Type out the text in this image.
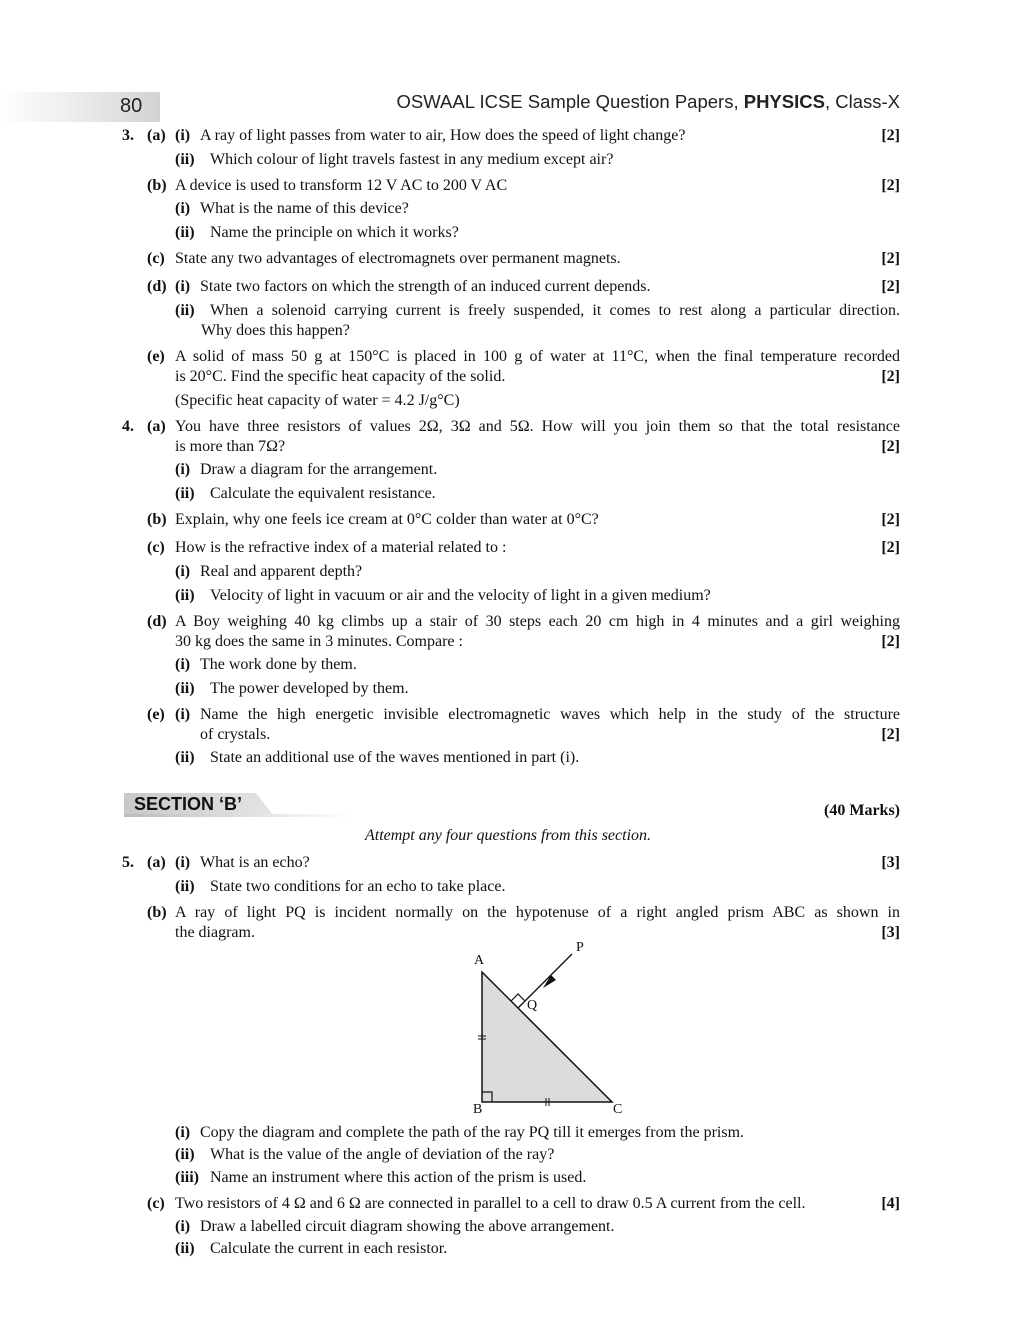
80	OSWAAL ICSE Sample Question Papers, PHYSICS, Class-X
3. (a) (i) A ray of light passes from water to air, How does the speed of light change?	[2]
(ii) Which colour of light travels fastest in any medium except air?
(b) A device is used to transform 12 V AC to 200 V AC	[2]
(i) What is the name of this device?
(ii) Name the principle on which it works?
(c) State any two advantages of electromagnets over permanent magnets.	[2]
(d) (i) State two factors on which the strength of an induced current depends.	[2]
(ii) When a solenoid carrying current is freely suspended, it comes to rest along a particular direction.
Why does this happen?
(e) A solid of mass 50 g at 150°C is placed in 100 g of water at 11°C, when the final temperature recorded
is 20°C. Find the specific heat capacity of the solid.	[2]
(Specific heat capacity of water = 4.2 J/g°C)
4. (a) You have three resistors of values 2Ω, 3Ω and 5Ω. How will you join them so that the total resistance
is more than 7Ω?	[2]
(i) Draw a diagram for the arrangement.
(ii) Calculate the equivalent resistance.
(b) Explain, why one feels ice cream at 0°C colder than water at 0°C?	[2]
(c) How is the refractive index of a material related to :	[2]
(i) Real and apparent depth?
(ii) Velocity of light in vacuum or air and the velocity of light in a given medium?
(d) A Boy weighing 40 kg climbs up a stair of 30 steps each 20 cm high in 4 minutes and a girl weighing
30 kg does the same in 3 minutes. Compare :	[2]
(i) The work done by them.
(ii) The power developed by them.
(e) (i) Name the high energetic invisible electromagnetic waves which help in the study of the structure
of crystals.	[2]
(ii) State an additional use of the waves mentioned in part (i).
5. (a) (i) What is an echo?	[3]
(ii) State two conditions for an echo to take place.
(b) A ray of light PQ is incident normally on the hypotenuse of a right angled prism ABC as shown in
the diagram.	[3]
(i) Copy the diagram and complete the path of the ray PQ till it emerges from the prism.
(ii) What is the value of the angle of deviation of the ray?
(iii) Name an instrument where this action of the prism is used.
(c) Two resistors of 4 Ω and 6 Ω are connected in parallel to a cell to draw 0.5 A current from the cell.	[4]
(i) Draw a labelled circuit diagram showing the above arrangement.
(ii) Calculate the current in each resistor.
SECTION ‘B’	(40 Marks)
Attempt any four questions from this section.
A
B	C
P
Q
